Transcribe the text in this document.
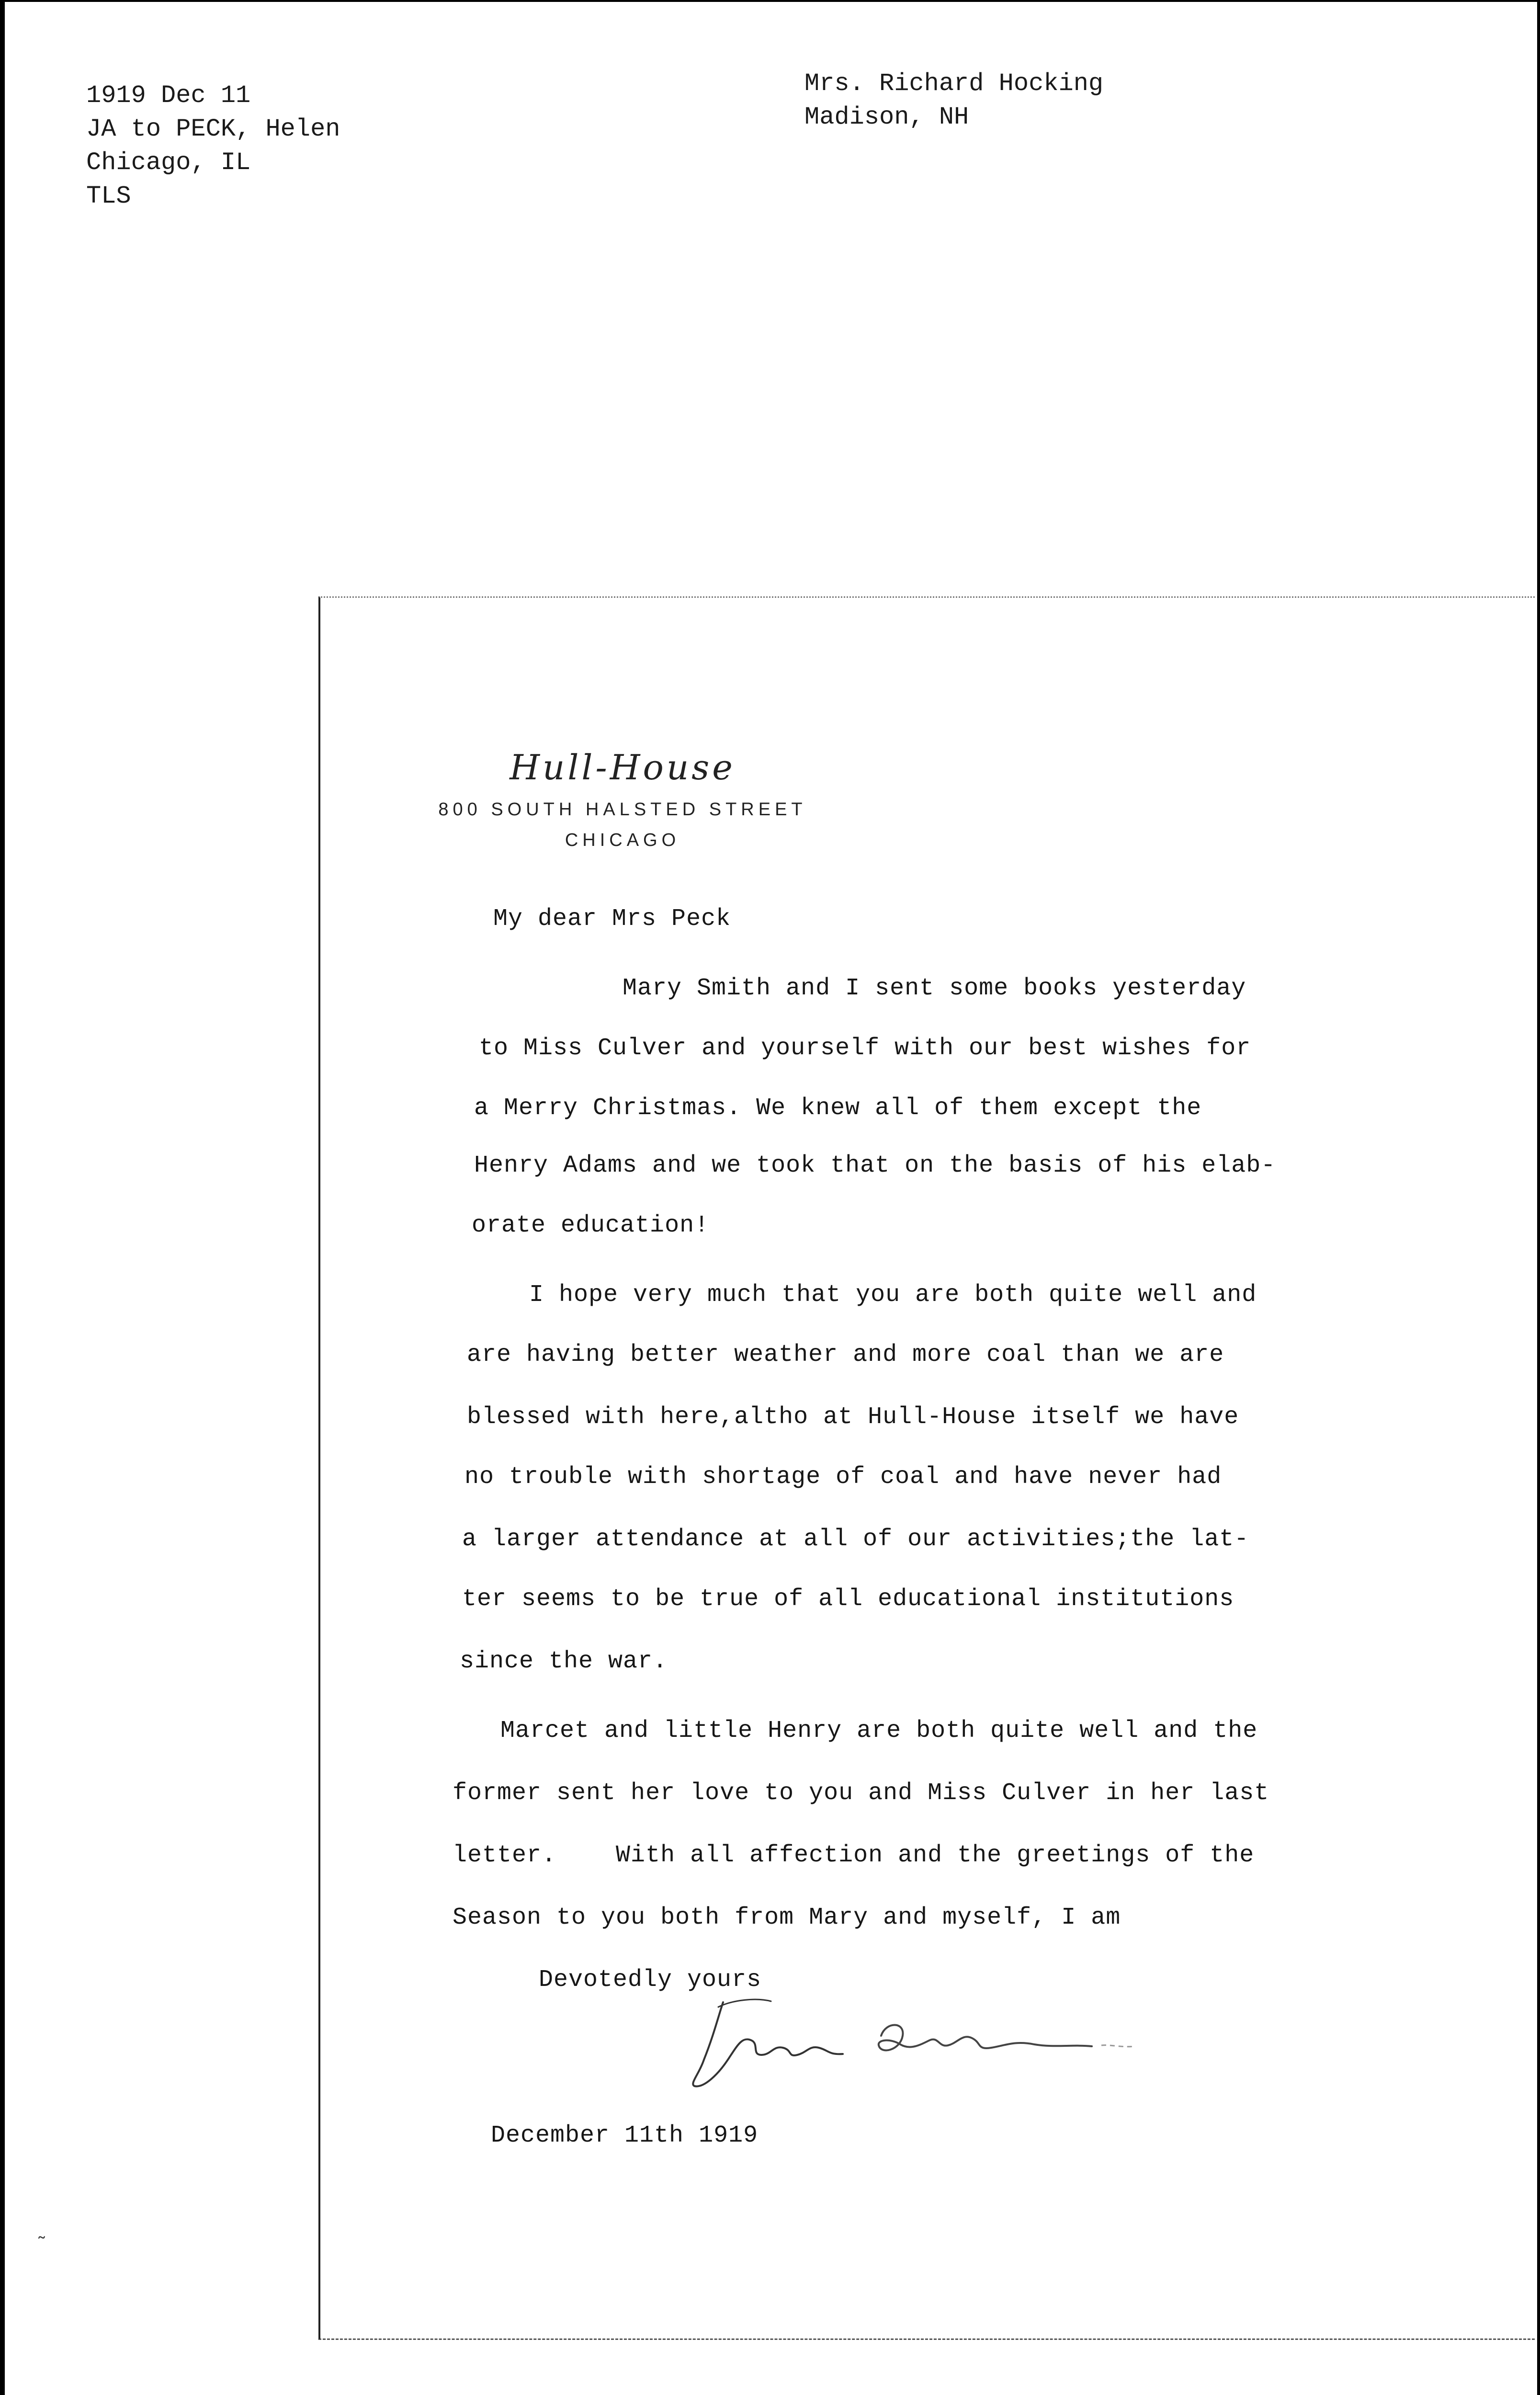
1919 Dec 11
JA to PECK, Helen
Chicago, IL
TLS
Mrs. Richard Hocking
Madison, NH
Hull-House
800 SOUTH HALSTED STREET
CHICAGO
My dear Mrs Peck
Mary Smith and I sent some books yesterday
to Miss Culver and yourself with our best wishes for
a Merry Christmas. We knew all of them except the
Henry Adams and we took that on the basis of his elab-
orate education!
I hope very much that you are both quite well and
are having better weather and more coal than we are
blessed with here,altho at Hull-House itself we have
no trouble with shortage of coal and have never had
a larger attendance at all of our activities;the lat-
ter seems to be true of all educational institutions
since the war.
Marcet and little Henry are both quite well and the
former sent her love to you and Miss Culver in her last
letter.    With all affection and the greetings of the
Season to you both from Mary and myself, I am
Devotedly yours
December 11th 1919
˜
